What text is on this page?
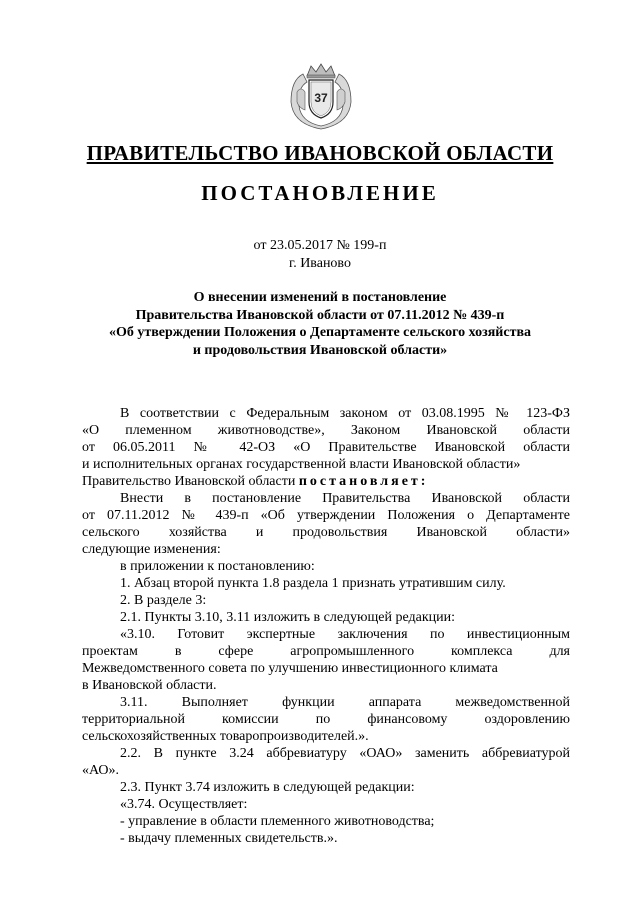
37
ПРАВИТЕЛЬСТВО ИВАНОВСКОЙ ОБЛАСТИ
ПОСТАНОВЛЕНИЕ
от 23.05.2017 № 199-п
г. Иваново
О внесении изменений в постановление
Правительства Ивановской области от 07.11.2012 № 439-п
«Об утверждении Положения о Департаменте сельского хозяйства
и продовольствия Ивановской области»
В соответствии с Федеральным законом от 03.08.1995 № 123-ФЗ
«О племенном животноводстве», Законом Ивановской области
от 06.05.2011 № 42-ОЗ «О Правительстве Ивановской области
и исполнительных органах государственной власти Ивановской области»
Правительство Ивановской области постановляет:
Внести в постановление Правительства Ивановской области
от 07.11.2012 № 439-п «Об утверждении Положения о Департаменте
сельского хозяйства и продовольствия Ивановской области»
следующие изменения:
в приложении к постановлению:
1. Абзац второй пункта 1.8 раздела 1 признать утратившим силу.
2. В разделе 3:
2.1. Пункты 3.10, 3.11 изложить в следующей редакции:
«3.10. Готовит экспертные заключения по инвестиционным
проектам в сфере агропромышленного комплекса для
Межведомственного совета по улучшению инвестиционного климата
в Ивановской области.
3.11. Выполняет функции аппарата межведомственной
территориальной комиссии по финансовому оздоровлению
сельскохозяйственных товаропроизводителей.».
2.2. В пункте 3.24 аббревиатуру «ОАО» заменить аббревиатурой
«АО».
2.3. Пункт 3.74 изложить в следующей редакции:
«3.74. Осуществляет:
- управление в области племенного животноводства;
- выдачу племенных свидетельств.».
